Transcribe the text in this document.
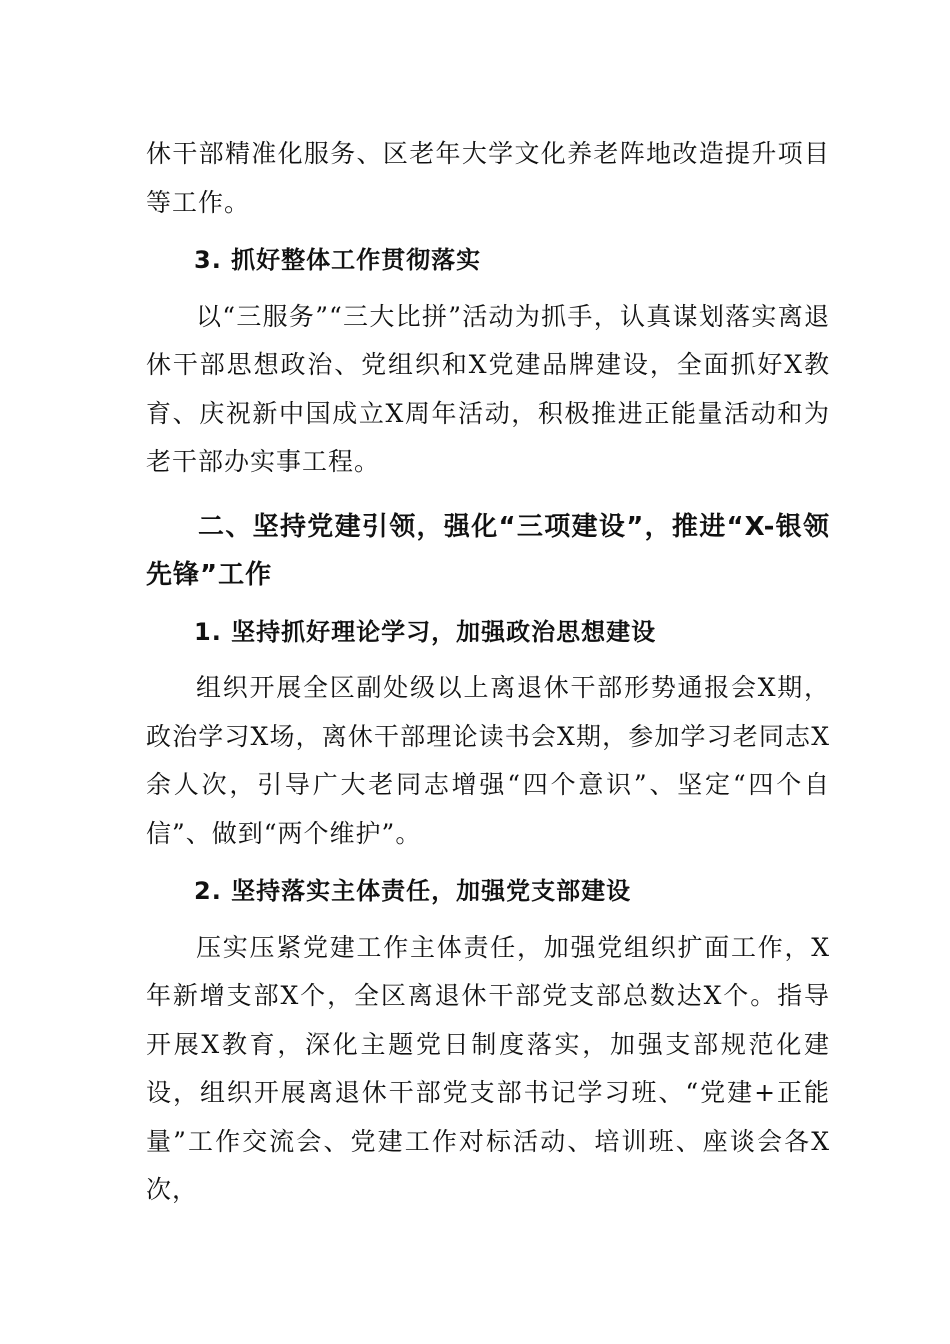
休干部精准化服务、区老年大学文化养老阵地改造提升项目等工作。

3. 抓好整体工作贯彻落实

以“三服务”“三大比拼”活动为抓手，认真谋划落实离退休干部思想政治、党组织和X党建品牌建设，全面抓好X教育、庆祝新中国成立X周年活动，积极推进正能量活动和为老干部办实事工程。

二、坚持党建引领，强化“三项建设”，推进“X-银领先锋”工作

1. 坚持抓好理论学习，加强政治思想建设

组织开展全区副处级以上离退休干部形势通报会X期，政治学习X场，离休干部理论读书会X期，参加学习老同志X余人次，引导广大老同志增强“四个意识”、坚定“四个自信”、做到“两个维护”。

2. 坚持落实主体责任，加强党支部建设

压实压紧党建工作主体责任，加强党组织扩面工作，X年新增支部X个，全区离退休干部党支部总数达X个。指导开展X教育，深化主题党日制度落实，加强支部规范化建设，组织开展离退休干部党支部书记学习班、“党建+正能量”工作交流会、党建工作对标活动、培训班、座谈会各X次，
